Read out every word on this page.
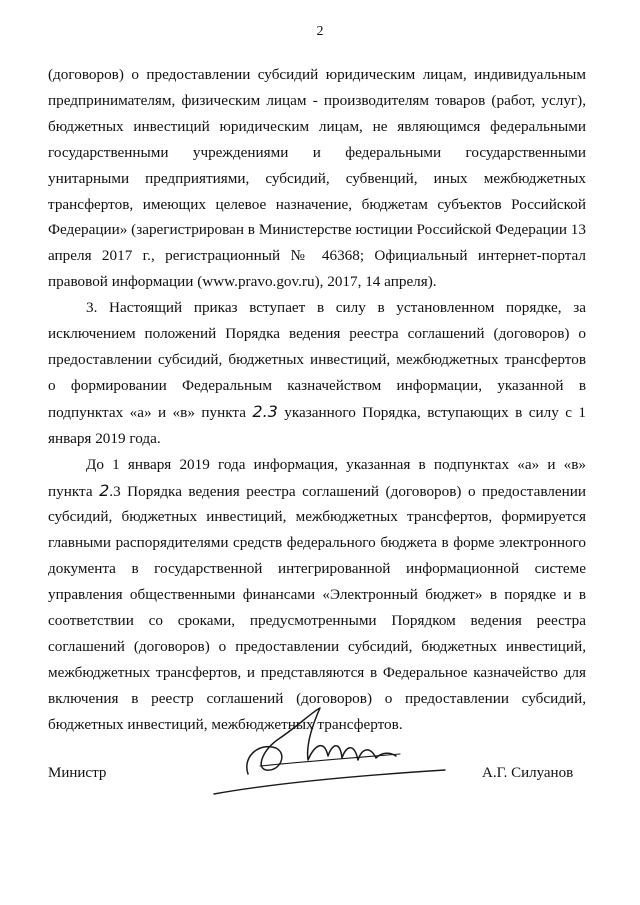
2

(договоров) о предоставлении субсидий юридическим лицам, индивидуальным предпринимателям, физическим лицам - производителям товаров (работ, услуг), бюджетных инвестиций юридическим лицам, не являющимся федеральными государственными учреждениями и федеральными государственными унитарными предприятиями, субсидий, субвенций, иных межбюджетных трансфертов, имеющих целевое назначение, бюджетам субъектов Российской Федерации» (зарегистрирован в Министерстве юстиции Российской Федерации 13 апреля 2017 г., регистрационный № 46368; Официальный интернет-портал правовой информации (www.pravo.gov.ru), 2017, 14 апреля).

3. Настоящий приказ вступает в силу в установленном порядке, за исключением положений Порядка ведения реестра соглашений (договоров) о предоставлении субсидий, бюджетных инвестиций, межбюджетных трансфертов о формировании Федеральным казначейством информации, указанной в подпунктах «а» и «в» пункта 2.3 указанного Порядка, вступающих в силу с 1 января 2019 года.

До 1 января 2019 года информация, указанная в подпунктах «а» и «в» пункта 2.3 Порядка ведения реестра соглашений (договоров) о предоставлении субсидий, бюджетных инвестиций, межбюджетных трансфертов, формируется главными распорядителями средств федерального бюджета в форме электронного документа в государственной интегрированной информационной системе управления общественными финансами «Электронный бюджет» в порядке и в соответствии со сроками, предусмотренными Порядком ведения реестра соглашений (договоров) о предоставлении субсидий, бюджетных инвестиций, межбюджетных трансфертов, и представляются в Федеральное казначейство для включения в реестр соглашений (договоров) о предоставлении субсидий, бюджетных инвестиций, межбюджетных трансфертов.

Министр	А.Г. Силуанов
